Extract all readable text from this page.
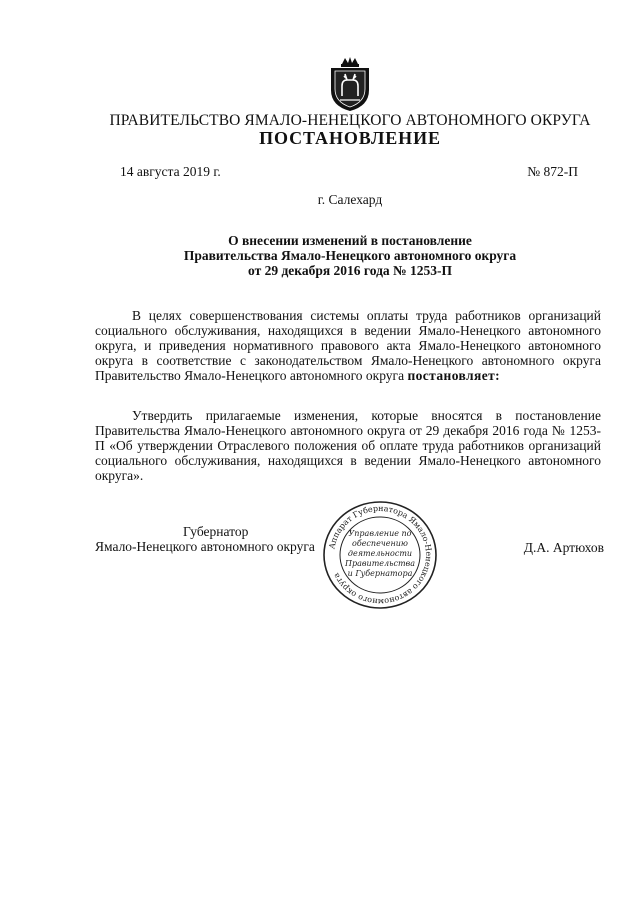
ПРАВИТЕЛЬСТВО ЯМАЛО-НЕНЕЦКОГО АВТОНОМНОГО ОКРУГА
ПОСТАНОВЛЕНИЕ
14 августа 2019 г.	№ 872-П
г. Салехард
О внесении изменений в постановление
Правительства Ямало-Ненецкого автономного округа
от 29 декабря 2016 года № 1253-П
В целях совершенствования системы оплаты труда работников организаций социального обслуживания, находящихся в ведении Ямало-Ненецкого автономного округа, и приведения нормативного правового акта Ямало-Ненецкого автономного округа в соответствие с законодательством Ямало-Ненецкого автономного округа Правительство Ямало-Ненецкого автономного округа постановляет:
Утвердить прилагаемые изменения, которые вносятся в постановление Правительства Ямало-Ненецкого автономного округа от 29 декабря 2016 года № 1253-П «Об утверждении Отраслевого положения об оплате труда работников организаций социального обслуживания, находящихся в ведении Ямало-Ненецкого автономного округа».
Губернатор
Ямало-Ненецкого автономного округа	Д.А. Артюхов
Аппарат Губернатора Ямало-Ненецкого автономного округа
Управление по
обеспечению
деятельности
Правительства
и Губернатора
